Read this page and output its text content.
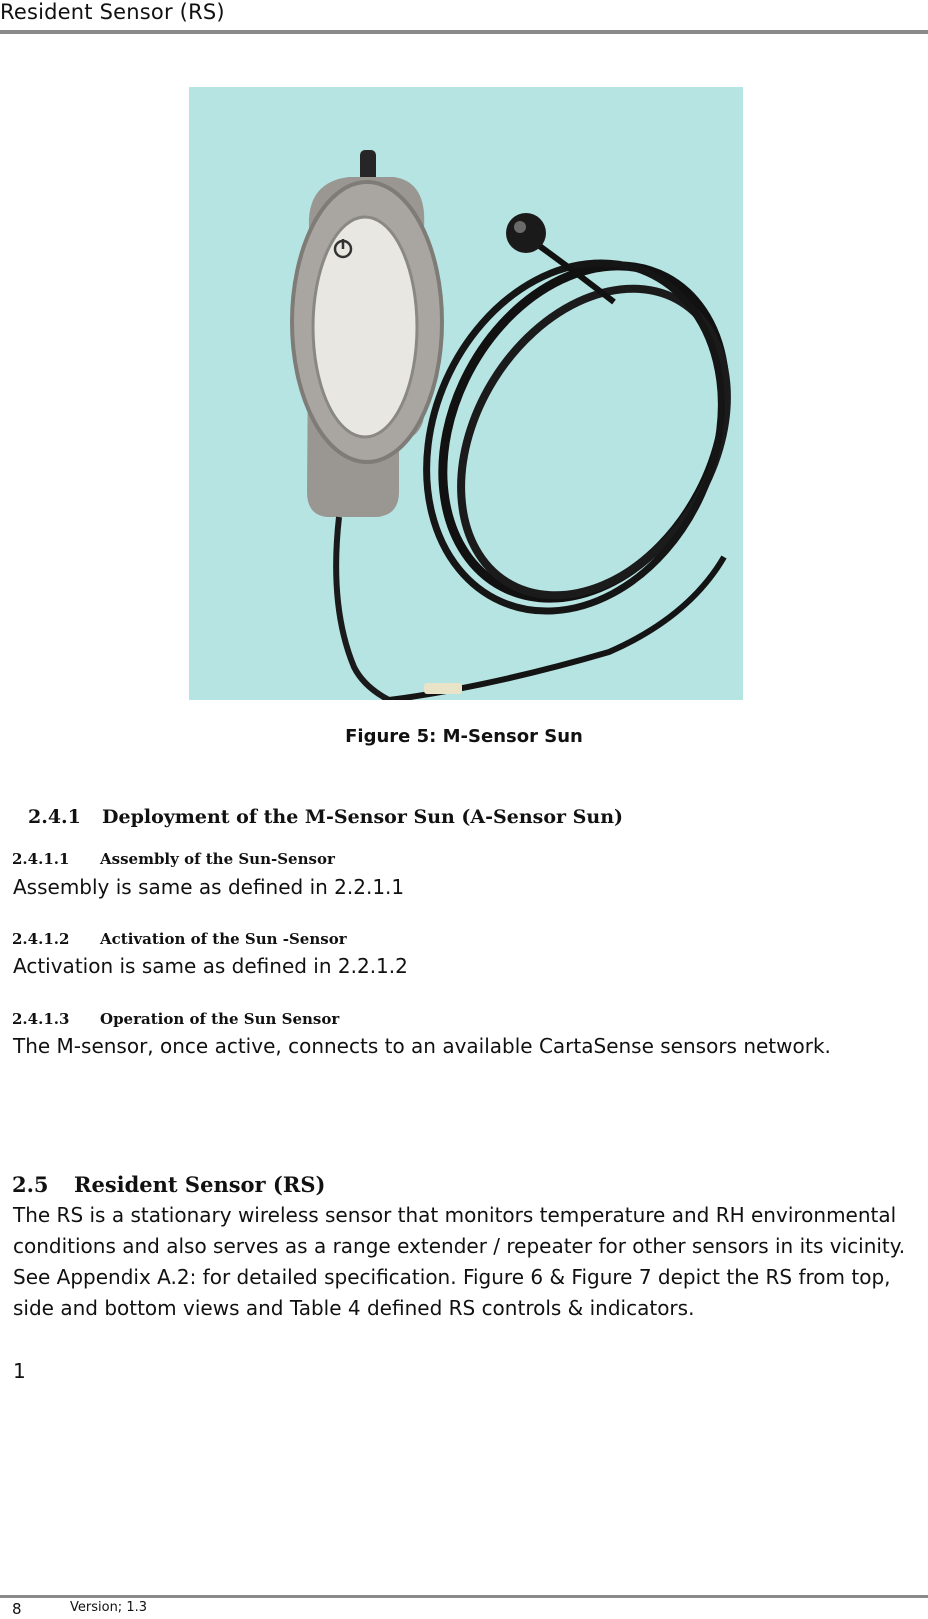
Resident Sensor (RS)
Figure 5: M-Sensor Sun
2.4.1 Deployment of the M-Sensor Sun (A-Sensor Sun)
2.4.1.1 Assembly of the Sun-Sensor
Assembly is same as defined in 2.2.1.1
2.4.1.2 Activation of the Sun -Sensor
Activation is same as defined in 2.2.1.2
2.4.1.3 Operation of the Sun Sensor
The M-sensor, once active, connects to an available CartaSense sensors network.
2.5 Resident Sensor (RS)
The RS is a stationary wireless sensor that monitors temperature and RH environmental conditions and also serves as a range extender / repeater for other sensors in its vicinity. See Appendix A.2: for detailed specification. Figure 6 & Figure 7 depict the RS from top, side and bottom views and Table 4 defined RS controls & indicators.
1
8	Version; 1.3
